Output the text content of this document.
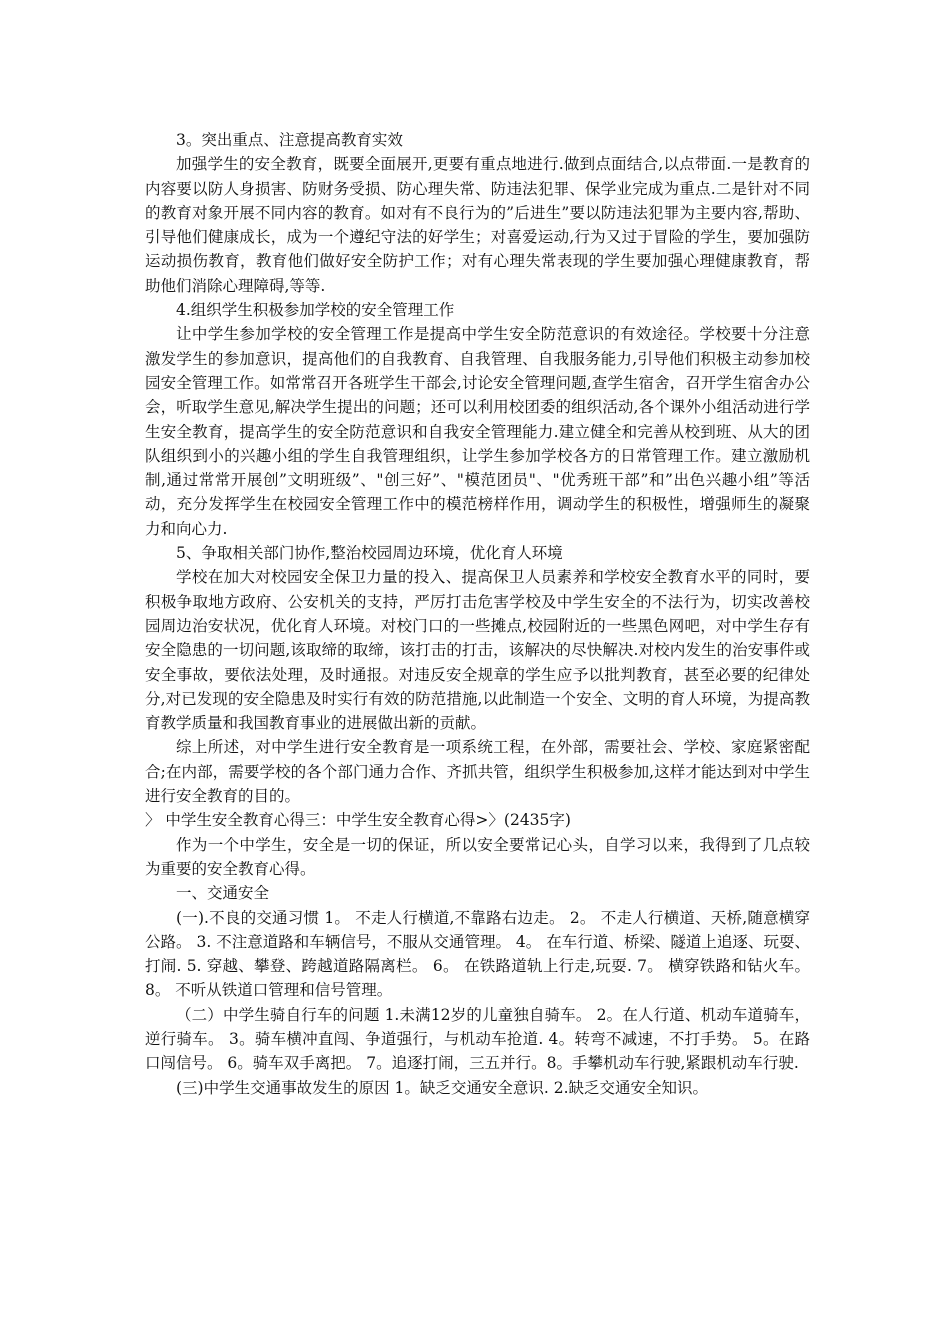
3。突出重点、注意提高教育实效

加强学生的安全教育，既要全面展开,更要有重点地进行.做到点面结合,以点带面.一是教育的内容要以防人身损害、防财务受损、防心理失常、防违法犯罪、保学业完成为重点.二是针对不同的教育对象开展不同内容的教育。如对有不良行为的”后进生”要以防违法犯罪为主要内容,帮助、引导他们健康成长，成为一个遵纪守法的好学生；对喜爱运动,行为又过于冒险的学生，要加强防运动损伤教育，教育他们做好安全防护工作；对有心理失常表现的学生要加强心理健康教育，帮助他们消除心理障碍,等等.

4.组织学生积极参加学校的安全管理工作

让中学生参加学校的安全管理工作是提高中学生安全防范意识的有效途径。学校要十分注意激发学生的参加意识，提高他们的自我教育、自我管理、自我服务能力,引导他们积极主动参加校园安全管理工作。如常常召开各班学生干部会,讨论安全管理问题,查学生宿舍，召开学生宿舍办公会，听取学生意见,解决学生提出的问题；还可以利用校团委的组织活动,各个课外小组活动进行学生安全教育，提高学生的安全防范意识和自我安全管理能力.建立健全和完善从校到班、从大的团队组织到小的兴趣小组的学生自我管理组织，让学生参加学校各方的日常管理工作。建立激励机制,通过常常开展创”文明班级”、"创三好”、"模范团员"、"优秀班干部”和”出色兴趣小组”等活动，充分发挥学生在校园安全管理工作中的模范榜样作用，调动学生的积极性，增强师生的凝聚力和向心力.

5、争取相关部门协作,整治校园周边环境，优化育人环境

学校在加大对校园安全保卫力量的投入、提高保卫人员素养和学校安全教育水平的同时，要积极争取地方政府、公安机关的支持，严厉打击危害学校及中学生安全的不法行为，切实改善校园周边治安状况，优化育人环境。对校门口的一些摊点,校园附近的一些黑色网吧，对中学生存有安全隐患的一切问题,该取缔的取缔，该打击的打击，该解决的尽快解决.对校内发生的治安事件或安全事故，要依法处理，及时通报。对违反安全规章的学生应予以批判教育，甚至必要的纪律处分,对已发现的安全隐患及时实行有效的防范措施,以此制造一个安全、文明的育人环境，为提高教育教学质量和我国教育事业的进展做出新的贡献。

综上所述，对中学生进行安全教育是一项系统工程，在外部，需要社会、学校、家庭紧密配合;在内部，需要学校的各个部门通力合作、齐抓共管，组织学生积极参加,这样才能达到对中学生进行安全教育的目的。

〉 中学生安全教育心得三：中学生安全教育心得>〉(2435字)

作为一个中学生，安全是一切的保证，所以安全要常记心头，自学习以来，我得到了几点较为重要的安全教育心得。

一、交通安全

(一).不良的交通习惯 1。 不走人行横道,不靠路右边走。 2。 不走人行横道、天桥,随意横穿公路。 3. 不注意道路和车辆信号，不服从交通管理。 4。 在车行道、桥梁、隧道上追逐、玩耍、打闹. 5. 穿越、攀登、跨越道路隔离栏。 6。 在铁路道轨上行走,玩耍. 7。 横穿铁路和钻火车。 8。 不听从铁道口管理和信号管理。

（二）中学生骑自行车的问题 1.未满12岁的儿童独自骑车。 2。在人行道、机动车道骑车，逆行骑车。 3。骑车横冲直闯、争道强行，与机动车抢道. 4。转弯不减速，不打手势。 5。在路口闯信号。 6。骑车双手离把。 7。追逐打闹，三五并行。8。手攀机动车行驶,紧跟机动车行驶.

(三)中学生交通事故发生的原因 1。缺乏交通安全意识. 2.缺乏交通安全知识。
